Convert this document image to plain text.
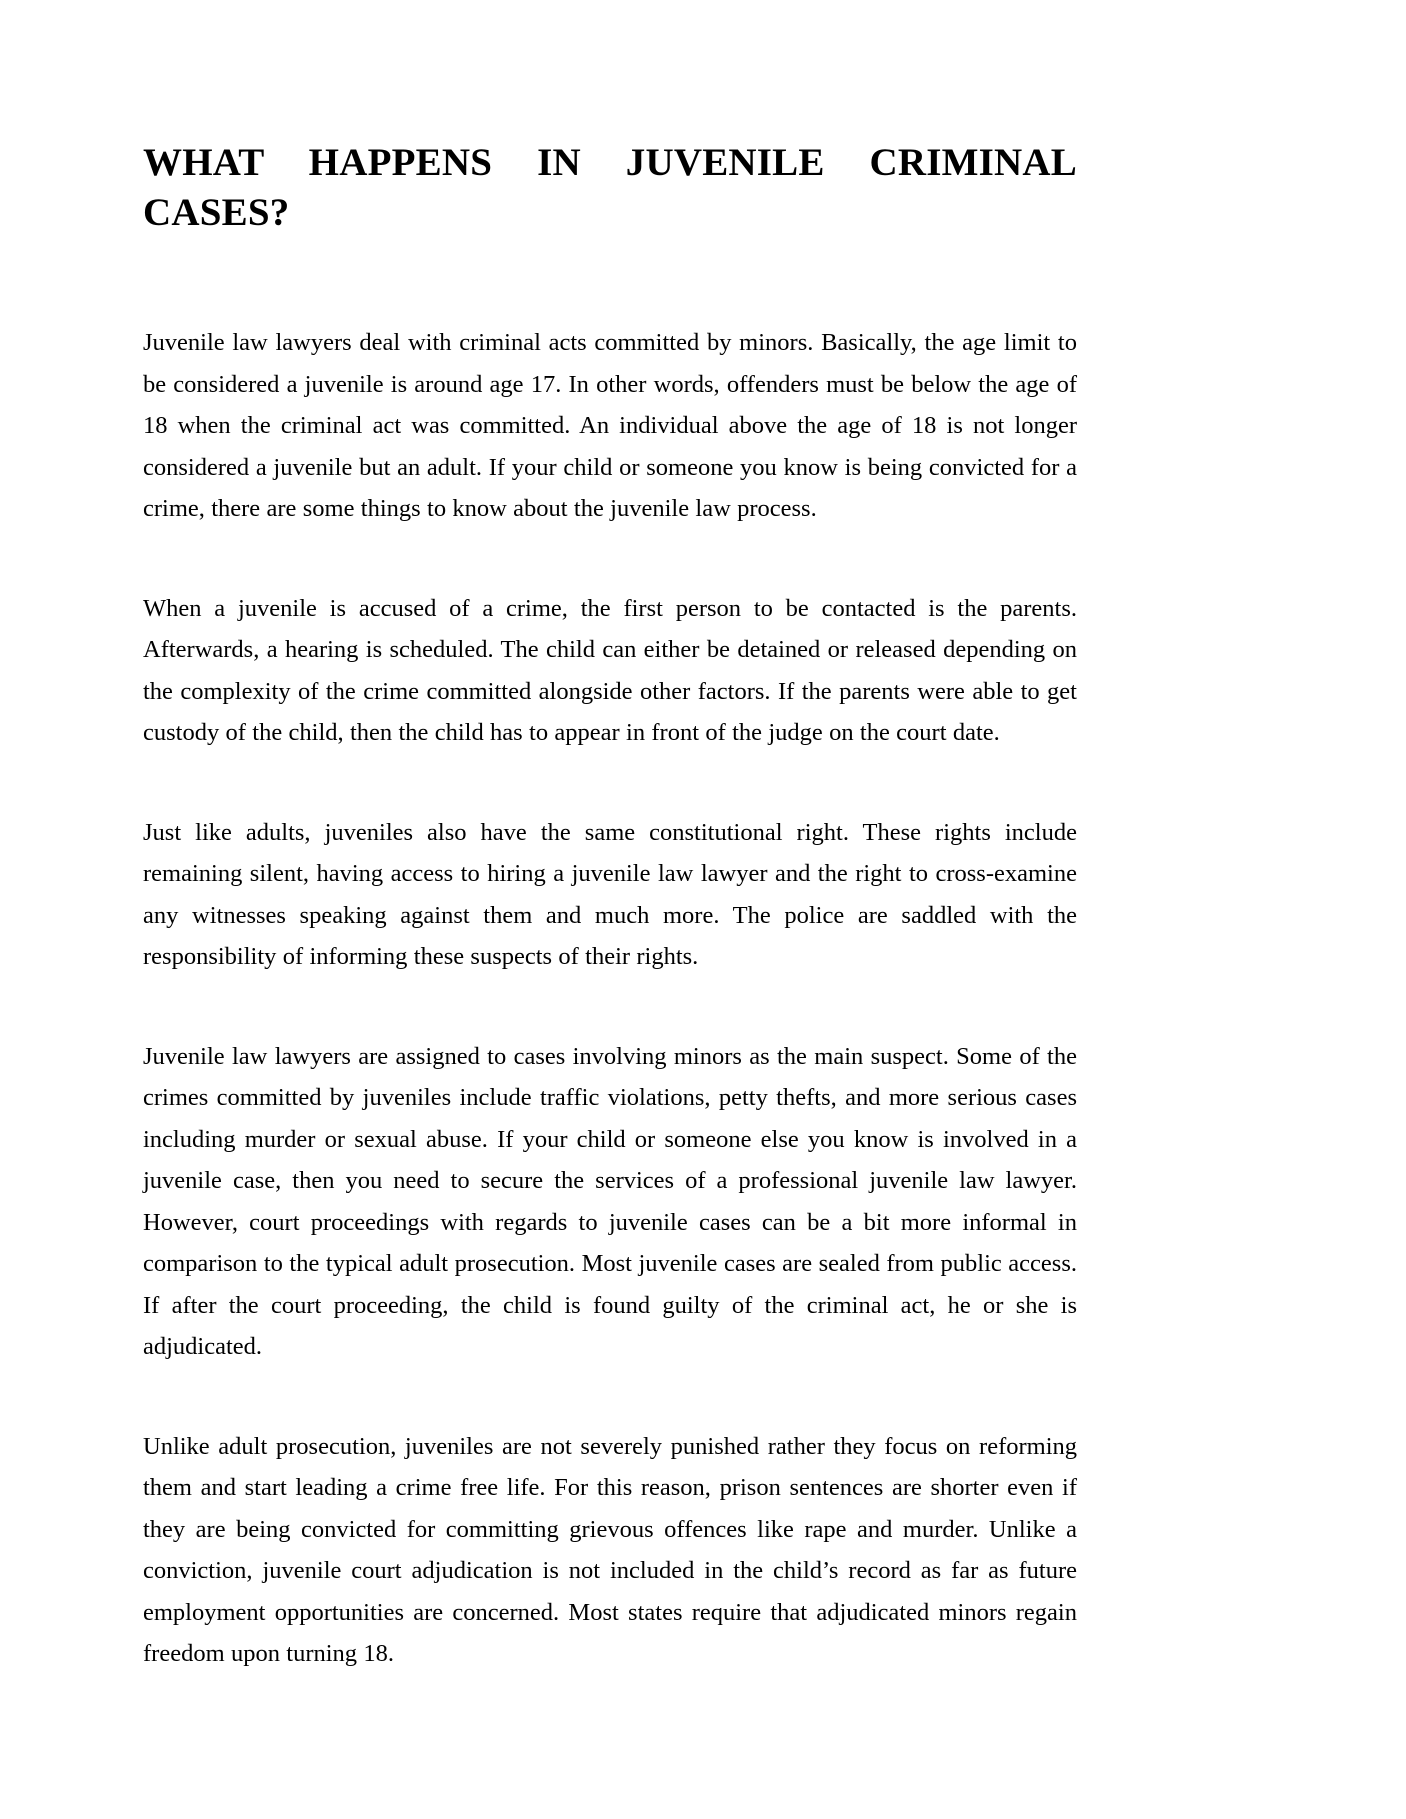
WHAT HAPPENS IN JUVENILE CRIMINAL
CASES?

Juvenile law lawyers deal with criminal acts committed by minors. Basically, the age limit to be considered a juvenile is around age 17. In other words, offenders must be below the age of 18 when the criminal act was committed. An individual above the age of 18 is not longer considered a juvenile but an adult. If your child or someone you know is being convicted for a crime, there are some things to know about the juvenile law process.

When a juvenile is accused of a crime, the first person to be contacted is the parents. Afterwards, a hearing is scheduled. The child can either be detained or released depending on the complexity of the crime committed alongside other factors. If the parents were able to get custody of the child, then the child has to appear in front of the judge on the court date.

Just like adults, juveniles also have the same constitutional right. These rights include remaining silent, having access to hiring a juvenile law lawyer and the right to cross-examine any witnesses speaking against them and much more. The police are saddled with the responsibility of informing these suspects of their rights.

Juvenile law lawyers are assigned to cases involving minors as the main suspect. Some of the crimes committed by juveniles include traffic violations, petty thefts, and more serious cases including murder or sexual abuse. If your child or someone else you know is involved in a juvenile case, then you need to secure the services of a professional juvenile law lawyer. However, court proceedings with regards to juvenile cases can be a bit more informal in comparison to the typical adult prosecution. Most juvenile cases are sealed from public access. If after the court proceeding, the child is found guilty of the criminal act, he or she is adjudicated.

Unlike adult prosecution, juveniles are not severely punished rather they focus on reforming them and start leading a crime free life. For this reason, prison sentences are shorter even if they are being convicted for committing grievous offences like rape and murder. Unlike a conviction, juvenile court adjudication is not included in the child’s record as far as future employment opportunities are concerned. Most states require that adjudicated minors regain freedom upon turning 18.
